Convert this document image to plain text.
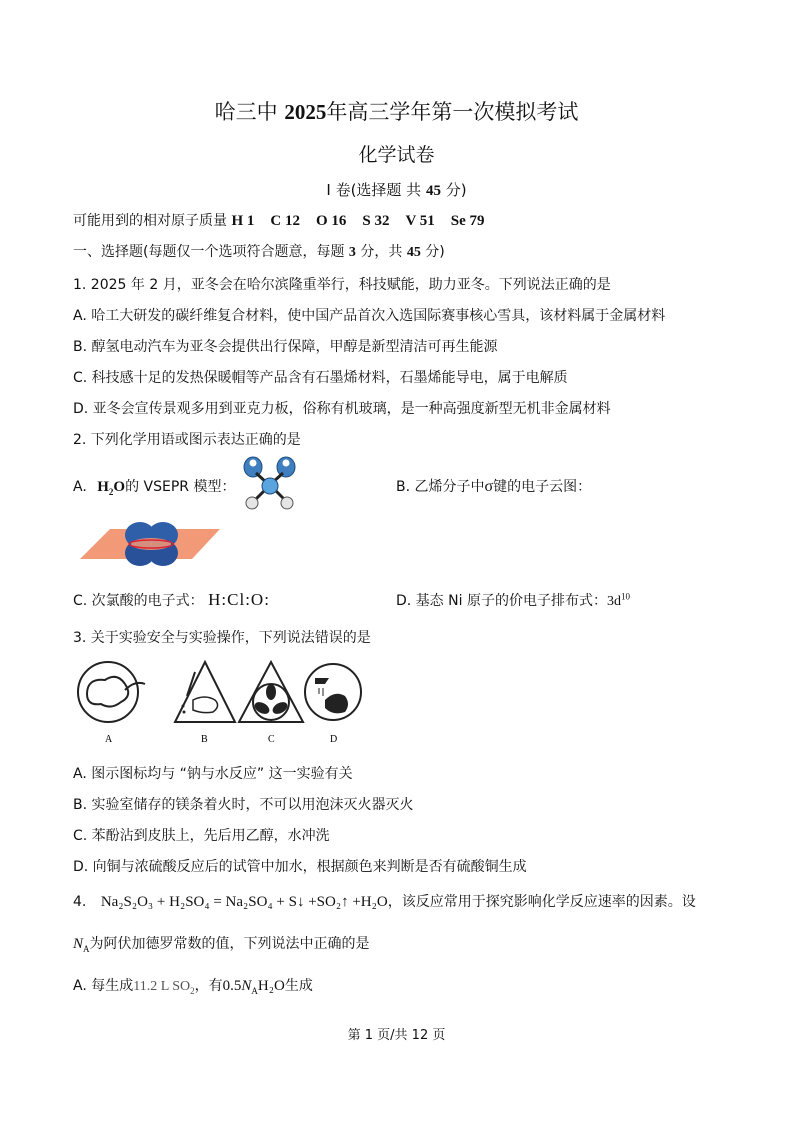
哈三中 2025年高三学年第一次模拟考试
化学试卷
I 卷(选择题 共 45 分)
可能用到的相对原子质量 H 1 C 12 O 16 S 32 V 51 Se 79
一、选择题(每题仅一个选项符合题意，每题 3 分，共 45 分)
1. 2025 年 2 月，亚冬会在哈尔滨隆重举行，科技赋能，助力亚冬。下列说法正确的是
A. 哈工大研发的碳纤维复合材料，使中国产品首次入选国际赛事核心雪具，该材料属于金属材料
B. 醇氢电动汽车为亚冬会提供出行保障，甲醇是新型清洁可再生能源
C. 科技感十足的发热保暖帽等产品含有石墨烯材料，石墨烯能导电，属于电解质
D. 亚冬会宣传景观多用到亚克力板，俗称有机玻璃，是一种高强度新型无机非金属材料
2. 下列化学用语或图示表达正确的是
A. $H_2O$的 VSEPR 模型：	B. 乙烯分子中σ键的电子云图：
C. 次氯酸的电子式： H:Cl:O:	D. 基态 Ni 原子的价电子排布式：$3d^{10}$
3. 关于实验安全与实验操作，下列说法错误的是
A	B	C	D
A. 图示图标均与 “钠与水反应” 这一实验有关
B. 实验室储存的镁条着火时，不可以用泡沫灭火器灭火
C. 苯酚沾到皮肤上，先后用乙醇，水冲洗
D. 向铜与浓硫酸反应后的试管中加水，根据颜色来判断是否有硫酸铜生成
4. Na₂S₂O₃ + H₂SO₄ = Na₂SO₄ + S↓ +SO₂↑ +H₂O，该反应常用于探究影响化学反应速率的因素。设
$N_A$为阿伏加德罗常数的值，下列说法中正确的是
A. 每生成11.2 L $SO_2$，有$0.5N_AH_2O$生成
第 1 页/共 12 页
